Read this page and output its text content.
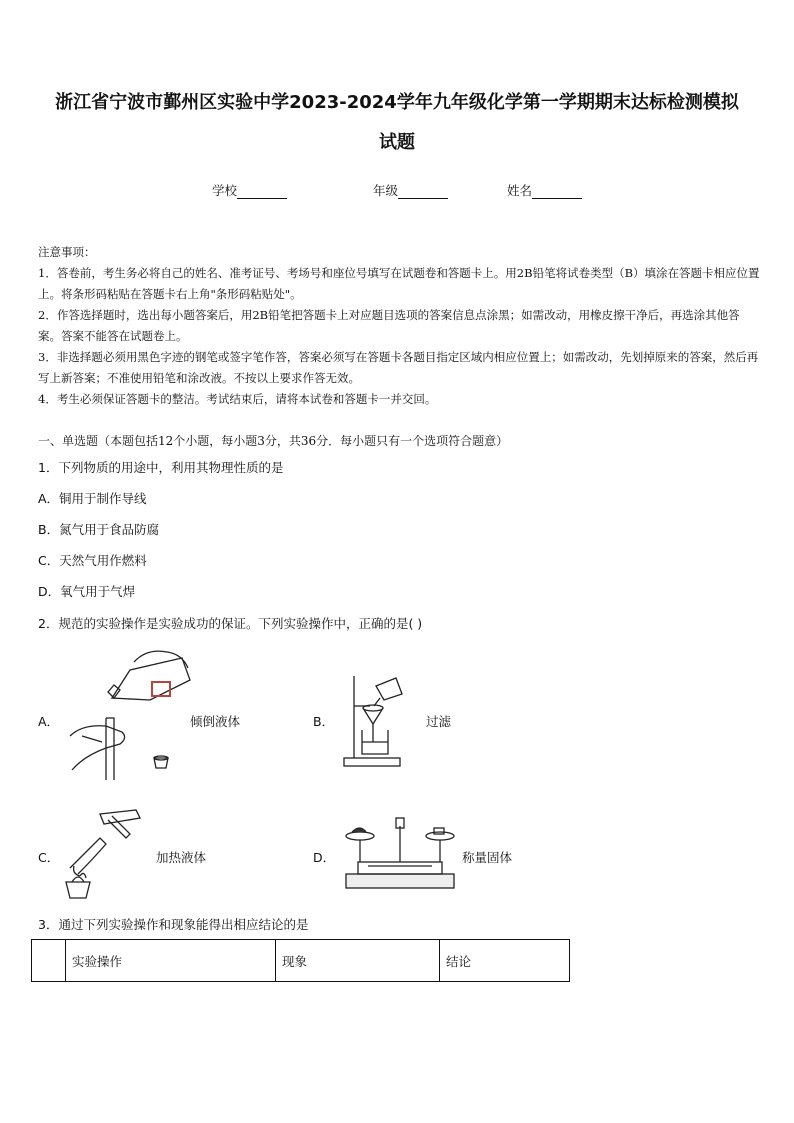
浙江省宁波市鄞州区实验中学2023-2024学年九年级化学第一学期期末达标检测模拟
试题
学校	年级	姓名
注意事项：
1．答卷前，考生务必将自己的姓名、准考证号、考场号和座位号填写在试题卷和答题卡上。用2B铅笔将试卷类型（B）填涂在答题卡相应位置上。将条形码粘贴在答题卡右上角"条形码粘贴处"。
2．作答选择题时，选出每小题答案后，用2B铅笔把答题卡上对应题目选项的答案信息点涂黑；如需改动，用橡皮擦干净后，再选涂其他答案。答案不能答在试题卷上。
3．非选择题必须用黑色字迹的钢笔或签字笔作答，答案必须写在答题卡各题目指定区域内相应位置上；如需改动，先划掉原来的答案，然后再写上新答案；不准使用铅笔和涂改液。不按以上要求作答无效。
4．考生必须保证答题卡的整洁。考试结束后，请将本试卷和答题卡一并交回。
一、单选题（本题包括12个小题，每小题3分，共36分．每小题只有一个选项符合题意）
1．下列物质的用途中，利用其物理性质的是
A．铜用于制作导线
B．氮气用于食品防腐
C．天然气用作燃料
D．氧气用于气焊
2．规范的实验操作是实验成功的保证。下列实验操作中，正确的是( )
A．	倾倒液体	B．	过滤
C．	加热液体	D．	称量固体
3．通过下列实验操作和现象能得出相应结论的是
	实验操作	现象	结论
